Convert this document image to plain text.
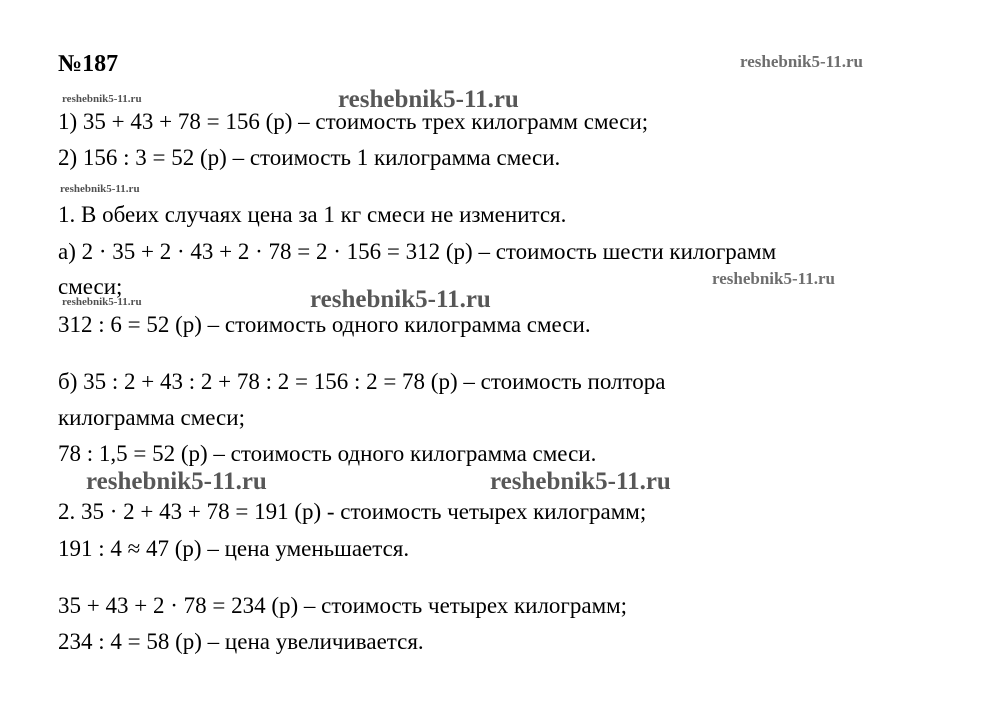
№187	reshebnik5-11.ru
reshebnik5-11.ru	reshebnik5-11.ru
reshebnik5-11.ru
reshebnik5-11.ru
reshebnik5-11.ru	reshebnik5-11.ru
reshebnik5-11.ru	reshebnik5-11.ru
1) 35 + 43 + 78 = 156 (р) – стоимость трех килограмм смеси;
2) 156 : 3 = 52 (р) – стоимость 1 килограмма смеси.
1. В обеих случаях цена за 1 кг смеси не изменится.
а) 2 · 35 + 2 · 43 + 2 · 78 = 2 · 156 = 312 (р) – стоимость шести килограмм
смеси;
312 : 6 = 52 (р) – стоимость одного килограмма смеси.
б) 35 : 2 + 43 : 2 + 78 : 2 = 156 : 2 = 78 (р) – стоимость полтора
килограмма смеси;
78 : 1,5 = 52 (р) – стоимость одного килограмма смеси.
2. 35 · 2 + 43 + 78 = 191 (р) - стоимость четырех килограмм;
191 : 4 ≈ 47 (р) – цена уменьшается.
35 + 43 + 2 · 78 = 234 (р) – стоимость четырех килограмм;
234 : 4 = 58 (р) – цена увеличивается.
